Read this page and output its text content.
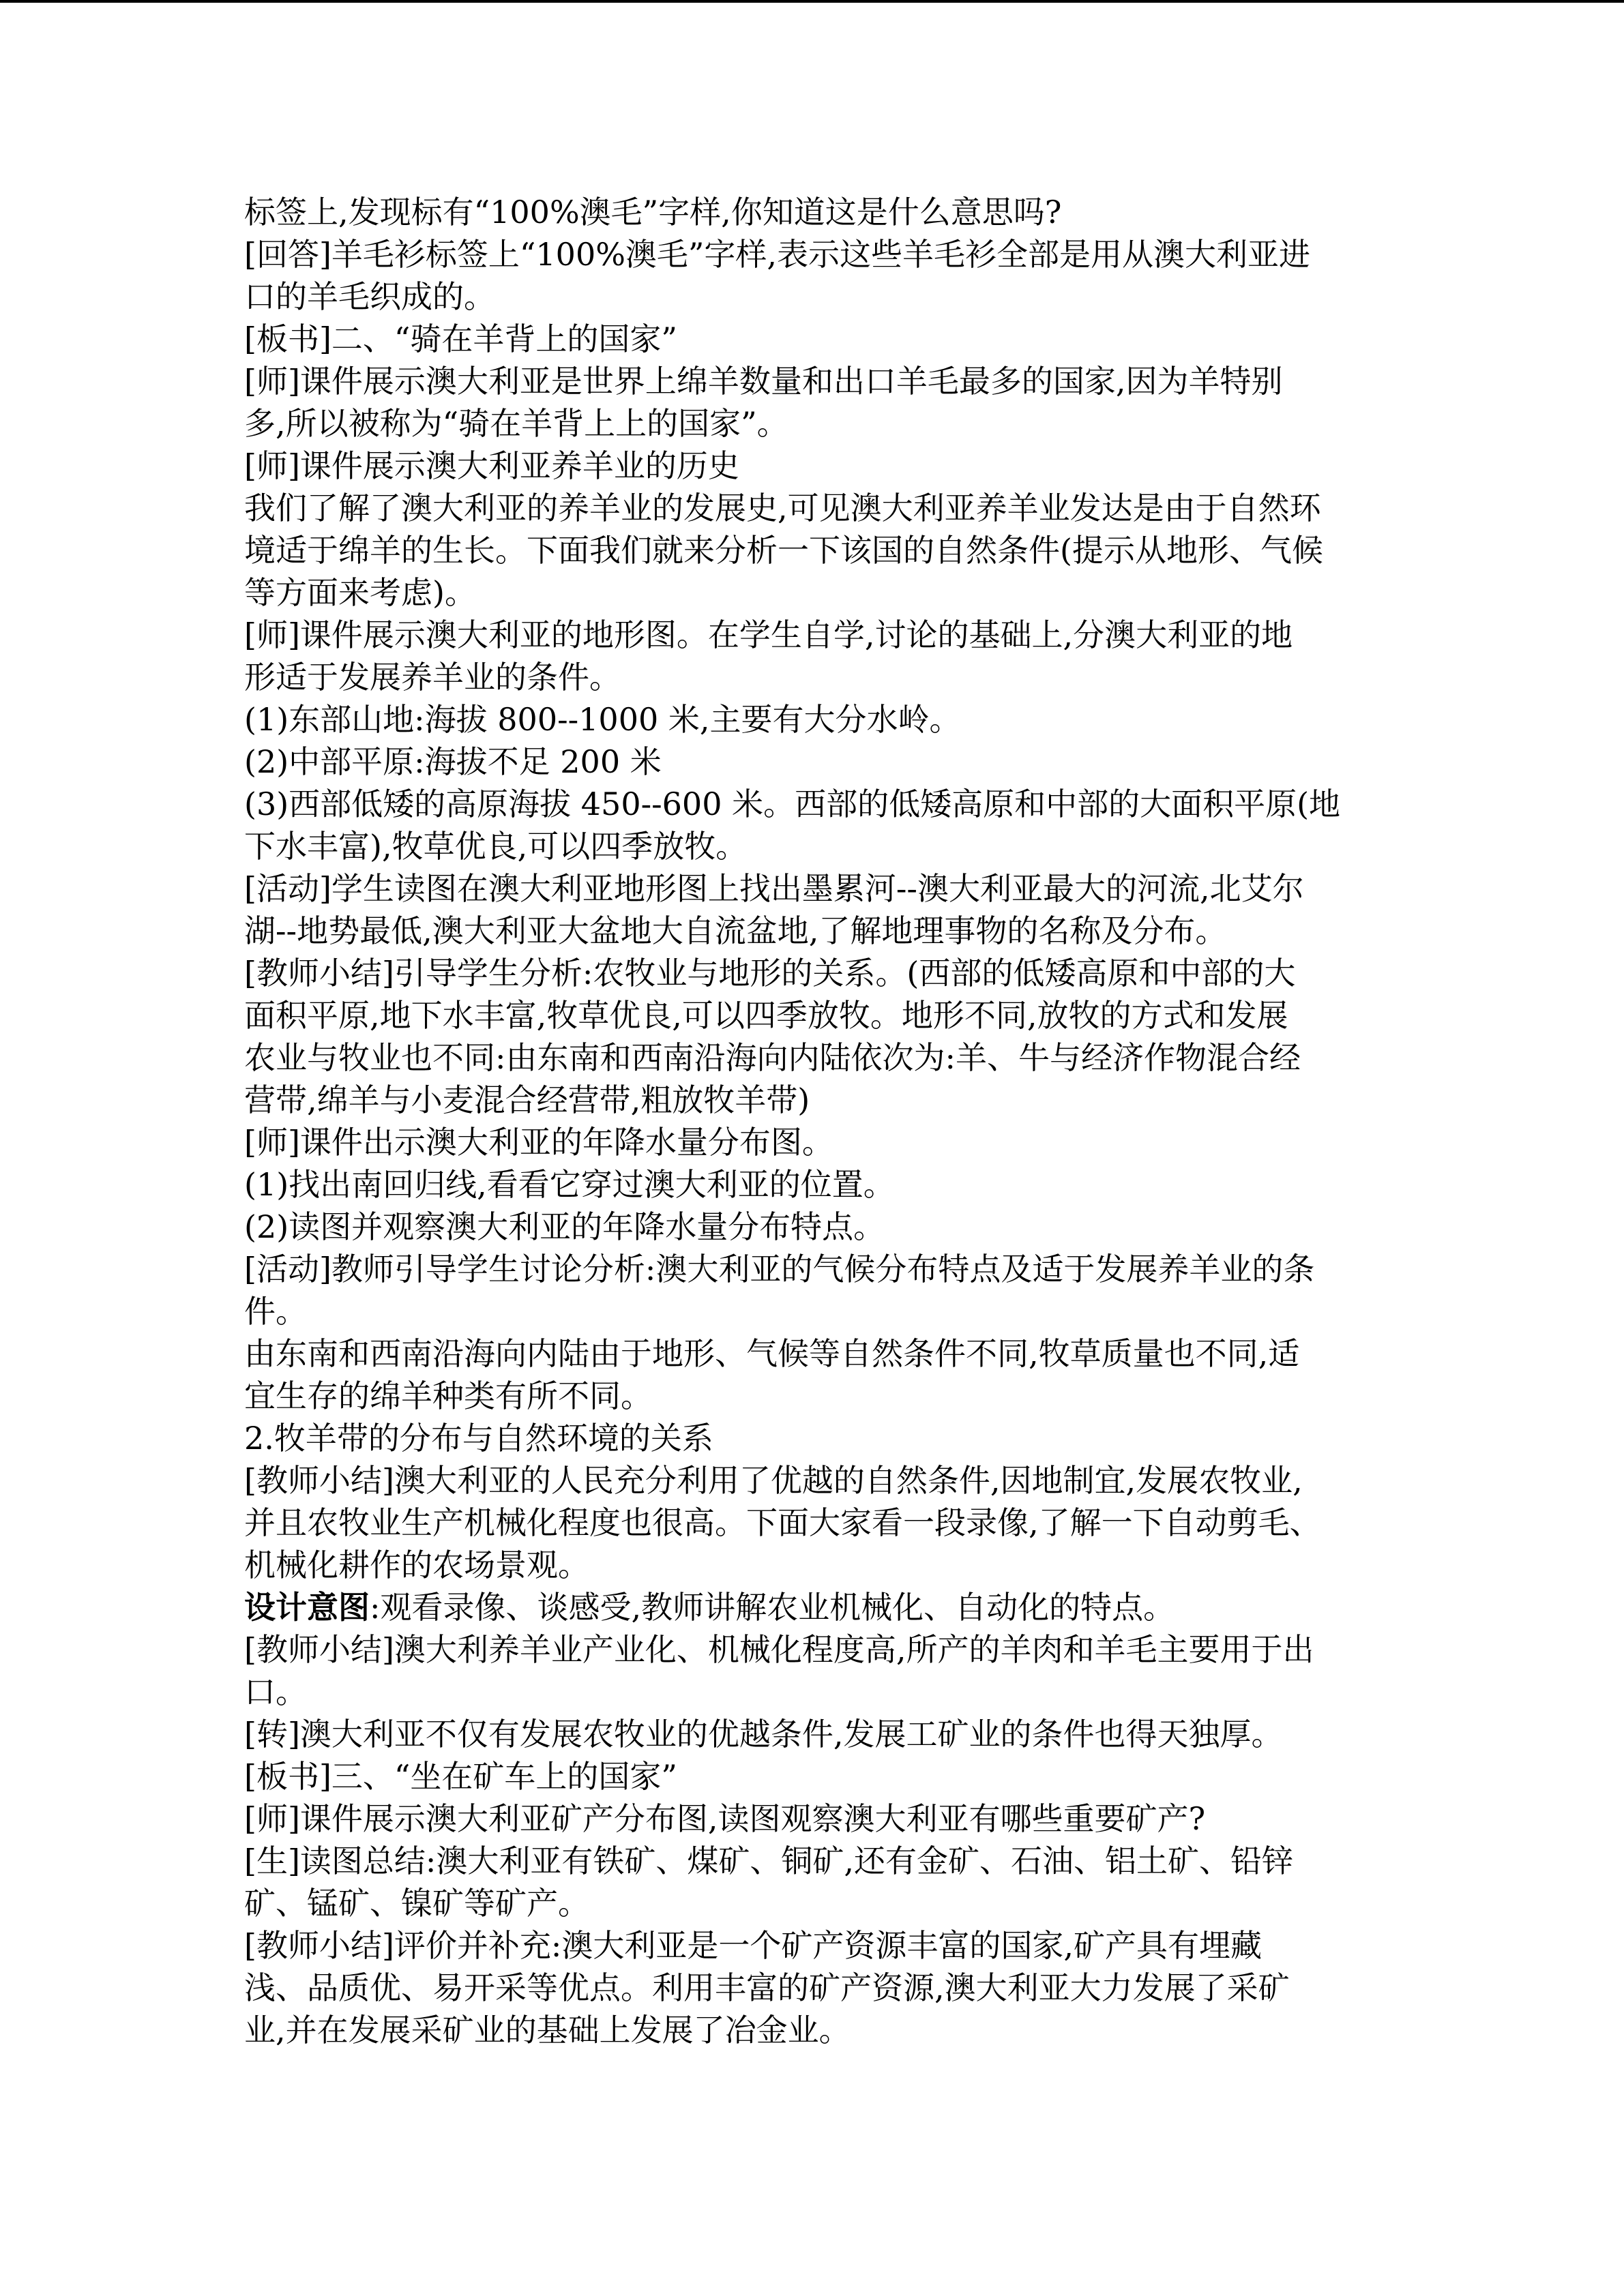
标签上,发现标有“100%澳毛”字样,你知道这是什么意思吗?

[回答]羊毛衫标签上“100%澳毛”字样,表示这些羊毛衫全部是用从澳大利亚进

口的羊毛织成的。

[板书]二、“骑在羊背上的国家”

[师]课件展示澳大利亚是世界上绵羊数量和出口羊毛最多的国家,因为羊特别

多,所以被称为“骑在羊背上上的国家”。

[师]课件展示澳大利亚养羊业的历史

我们了解了澳大利亚的养羊业的发展史,可见澳大利亚养羊业发达是由于自然环

境适于绵羊的生长。下面我们就来分析一下该国的自然条件(提示从地形、气候

等方面来考虑)。

[师]课件展示澳大利亚的地形图。在学生自学,讨论的基础上,分澳大利亚的地

形适于发展养羊业的条件。

(1)东部山地:海拔 800--1000 米,主要有大分水岭。

(2)中部平原:海拔不足 200 米

(3)西部低矮的高原海拔 450--600 米。西部的低矮高原和中部的大面积平原(地

下水丰富),牧草优良,可以四季放牧。

[活动]学生读图在澳大利亚地形图上找出墨累河--澳大利亚最大的河流,北艾尔

湖--地势最低,澳大利亚大盆地大自流盆地,了解地理事物的名称及分布。

[教师小结]引导学生分析:农牧业与地形的关系。(西部的低矮高原和中部的大

面积平原,地下水丰富,牧草优良,可以四季放牧。地形不同,放牧的方式和发展

农业与牧业也不同:由东南和西南沿海向内陆依次为:羊、牛与经济作物混合经

营带,绵羊与小麦混合经营带,粗放牧羊带)

[师]课件出示澳大利亚的年降水量分布图。

(1)找出南回归线,看看它穿过澳大利亚的位置。

(2)读图并观察澳大利亚的年降水量分布特点。

[活动]教师引导学生讨论分析:澳大利亚的气候分布特点及适于发展养羊业的条

件。

由东南和西南沿海向内陆由于地形、气候等自然条件不同,牧草质量也不同,适

宜生存的绵羊种类有所不同。

2.牧羊带的分布与自然环境的关系

[教师小结]澳大利亚的人民充分利用了优越的自然条件,因地制宜,发展农牧业,

并且农牧业生产机械化程度也很高。下面大家看一段录像,了解一下自动剪毛、

机械化耕作的农场景观。

设计意图:观看录像、谈感受,教师讲解农业机械化、自动化的特点。

[教师小结]澳大利养羊业产业化、机械化程度高,所产的羊肉和羊毛主要用于出

口。

[转]澳大利亚不仅有发展农牧业的优越条件,发展工矿业的条件也得天独厚。

[板书]三、“坐在矿车上的国家”

[师]课件展示澳大利亚矿产分布图,读图观察澳大利亚有哪些重要矿产?

[生]读图总结:澳大利亚有铁矿、煤矿、铜矿,还有金矿、石油、铝土矿、铅锌

矿、锰矿、镍矿等矿产。

[教师小结]评价并补充:澳大利亚是一个矿产资源丰富的国家,矿产具有埋藏

浅、品质优、易开采等优点。利用丰富的矿产资源,澳大利亚大力发展了采矿

业,并在发展采矿业的基础上发展了冶金业。
